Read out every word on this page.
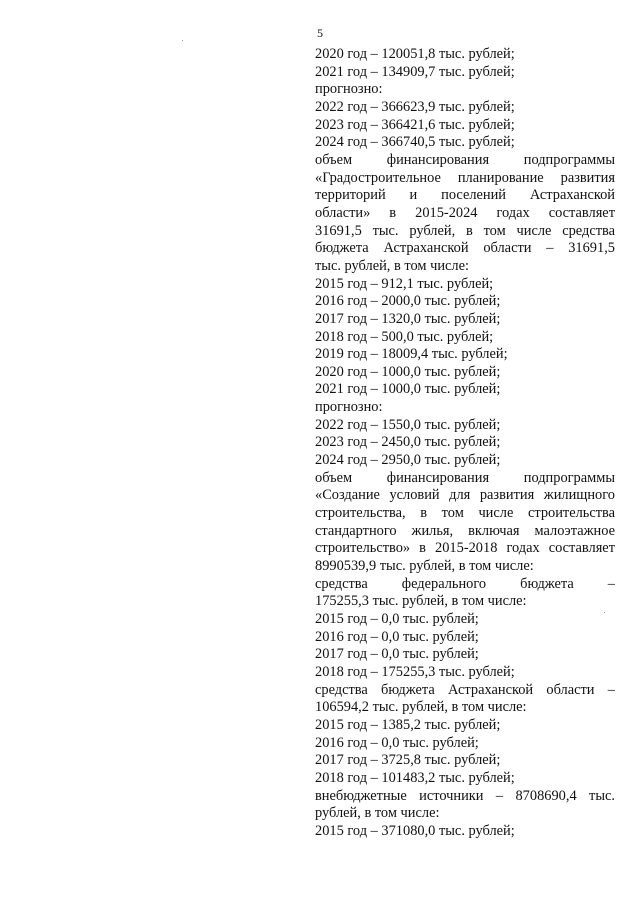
5
2020 год – 120051,8 тыс. рублей;
2021 год – 134909,7 тыс. рублей;
прогнозно:
2022 год – 366623,9 тыс. рублей;
2023 год – 366421,6 тыс. рублей;
2024 год – 366740,5 тыс. рублей;
объем финансирования подпрограммы
«Градостроительное планирование развития
территорий и поселений Астраханской
области» в 2015-2024 годах составляет
31691,5 тыс. рублей, в том числе средства
бюджета Астраханской области – 31691,5
тыс. рублей, в том числе:
2015 год – 912,1 тыс. рублей;
2016 год – 2000,0 тыс. рублей;
2017 год – 1320,0 тыс. рублей;
2018 год – 500,0 тыс. рублей;
2019 год – 18009,4 тыс. рублей;
2020 год – 1000,0 тыс. рублей;
2021 год – 1000,0 тыс. рублей;
прогнозно:
2022 год – 1550,0 тыс. рублей;
2023 год – 2450,0 тыс. рублей;
2024 год – 2950,0 тыс. рублей;
объем финансирования подпрограммы
«Создание условий для развития жилищного
строительства, в том числе строительства
стандартного жилья, включая малоэтажное
строительство» в 2015-2018 годах составляет
8990539,9 тыс. рублей, в том числе:
средства федерального бюджета –
175255,3 тыс. рублей, в том числе:
2015 год – 0,0 тыс. рублей;
2016 год – 0,0 тыс. рублей;
2017 год – 0,0 тыс. рублей;
2018 год – 175255,3 тыс. рублей;
средства бюджета Астраханской области –
106594,2 тыс. рублей, в том числе:
2015 год – 1385,2 тыс. рублей;
2016 год – 0,0 тыс. рублей;
2017 год – 3725,8 тыс. рублей;
2018 год – 101483,2 тыс. рублей;
внебюджетные источники – 8708690,4 тыс.
рублей, в том числе:
2015 год – 371080,0 тыс. рублей;
